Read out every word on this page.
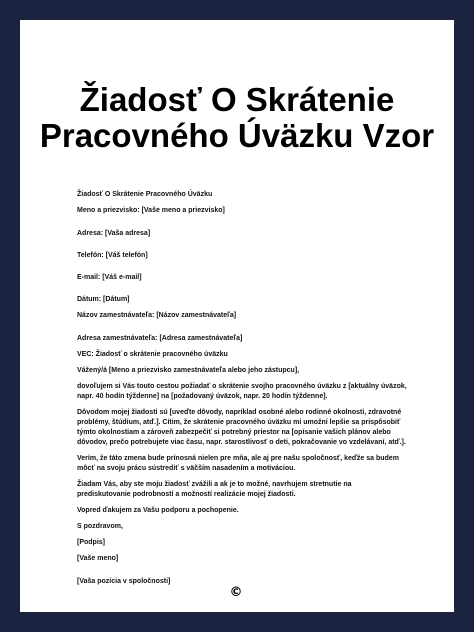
Žiadosť O Skrátenie
Pracovného Úväzku Vzor

Žiadosť O Skrátenie Pracovného Úväzku

Meno a priezvisko: [Vaše meno a priezvisko]

Adresa: [Vaša adresa]

Telefón: [Váš telefón]

E-mail: [Váš e-mail]

Dátum: [Dátum]

Názov zamestnávateľa: [Názov zamestnávateľa]

Adresa zamestnávateľa: [Adresa zamestnávateľa]

VEC: Žiadosť o skrátenie pracovného úväzku

Vážený/á [Meno a priezvisko zamestnávateľa alebo jeho zástupcu],

dovoľujem si Vás touto cestou požiadať o skrátenie svojho pracovného úväzku z [aktuálny úväzok, napr. 40 hodín týždenne] na [požadovaný úväzok, napr. 20 hodín týždenne].

Dôvodom mojej žiadosti sú [uveďte dôvody, napríklad osobné alebo rodinné okolnosti, zdravotné problémy, štúdium, atď.]. Cítim, že skrátenie pracovného úväzku mi umožní lepšie sa prispôsobiť týmto okolnostiam a zároveň zabezpečiť si potrebný priestor na [opísanie vašich plánov alebo dôvodov, prečo potrebujete viac času, napr. starostlivosť o deti, pokračovanie vo vzdelávaní, atď.].

Verím, že táto zmena bude prínosná nielen pre mňa, ale aj pre našu spoločnosť, keďže sa budem môcť na svoju prácu sústrediť s väčším nasadením a motiváciou.

Žiadam Vás, aby ste moju žiadosť zvážili a ak je to možné, navrhujem stretnutie na prediskutovanie podrobností a možností realizácie mojej žiadosti.

Vopred ďakujem za Vašu podporu a pochopenie.

S pozdravom,

[Podpis]

[Vaše meno]

[Vaša pozícia v spoločnosti]

©
